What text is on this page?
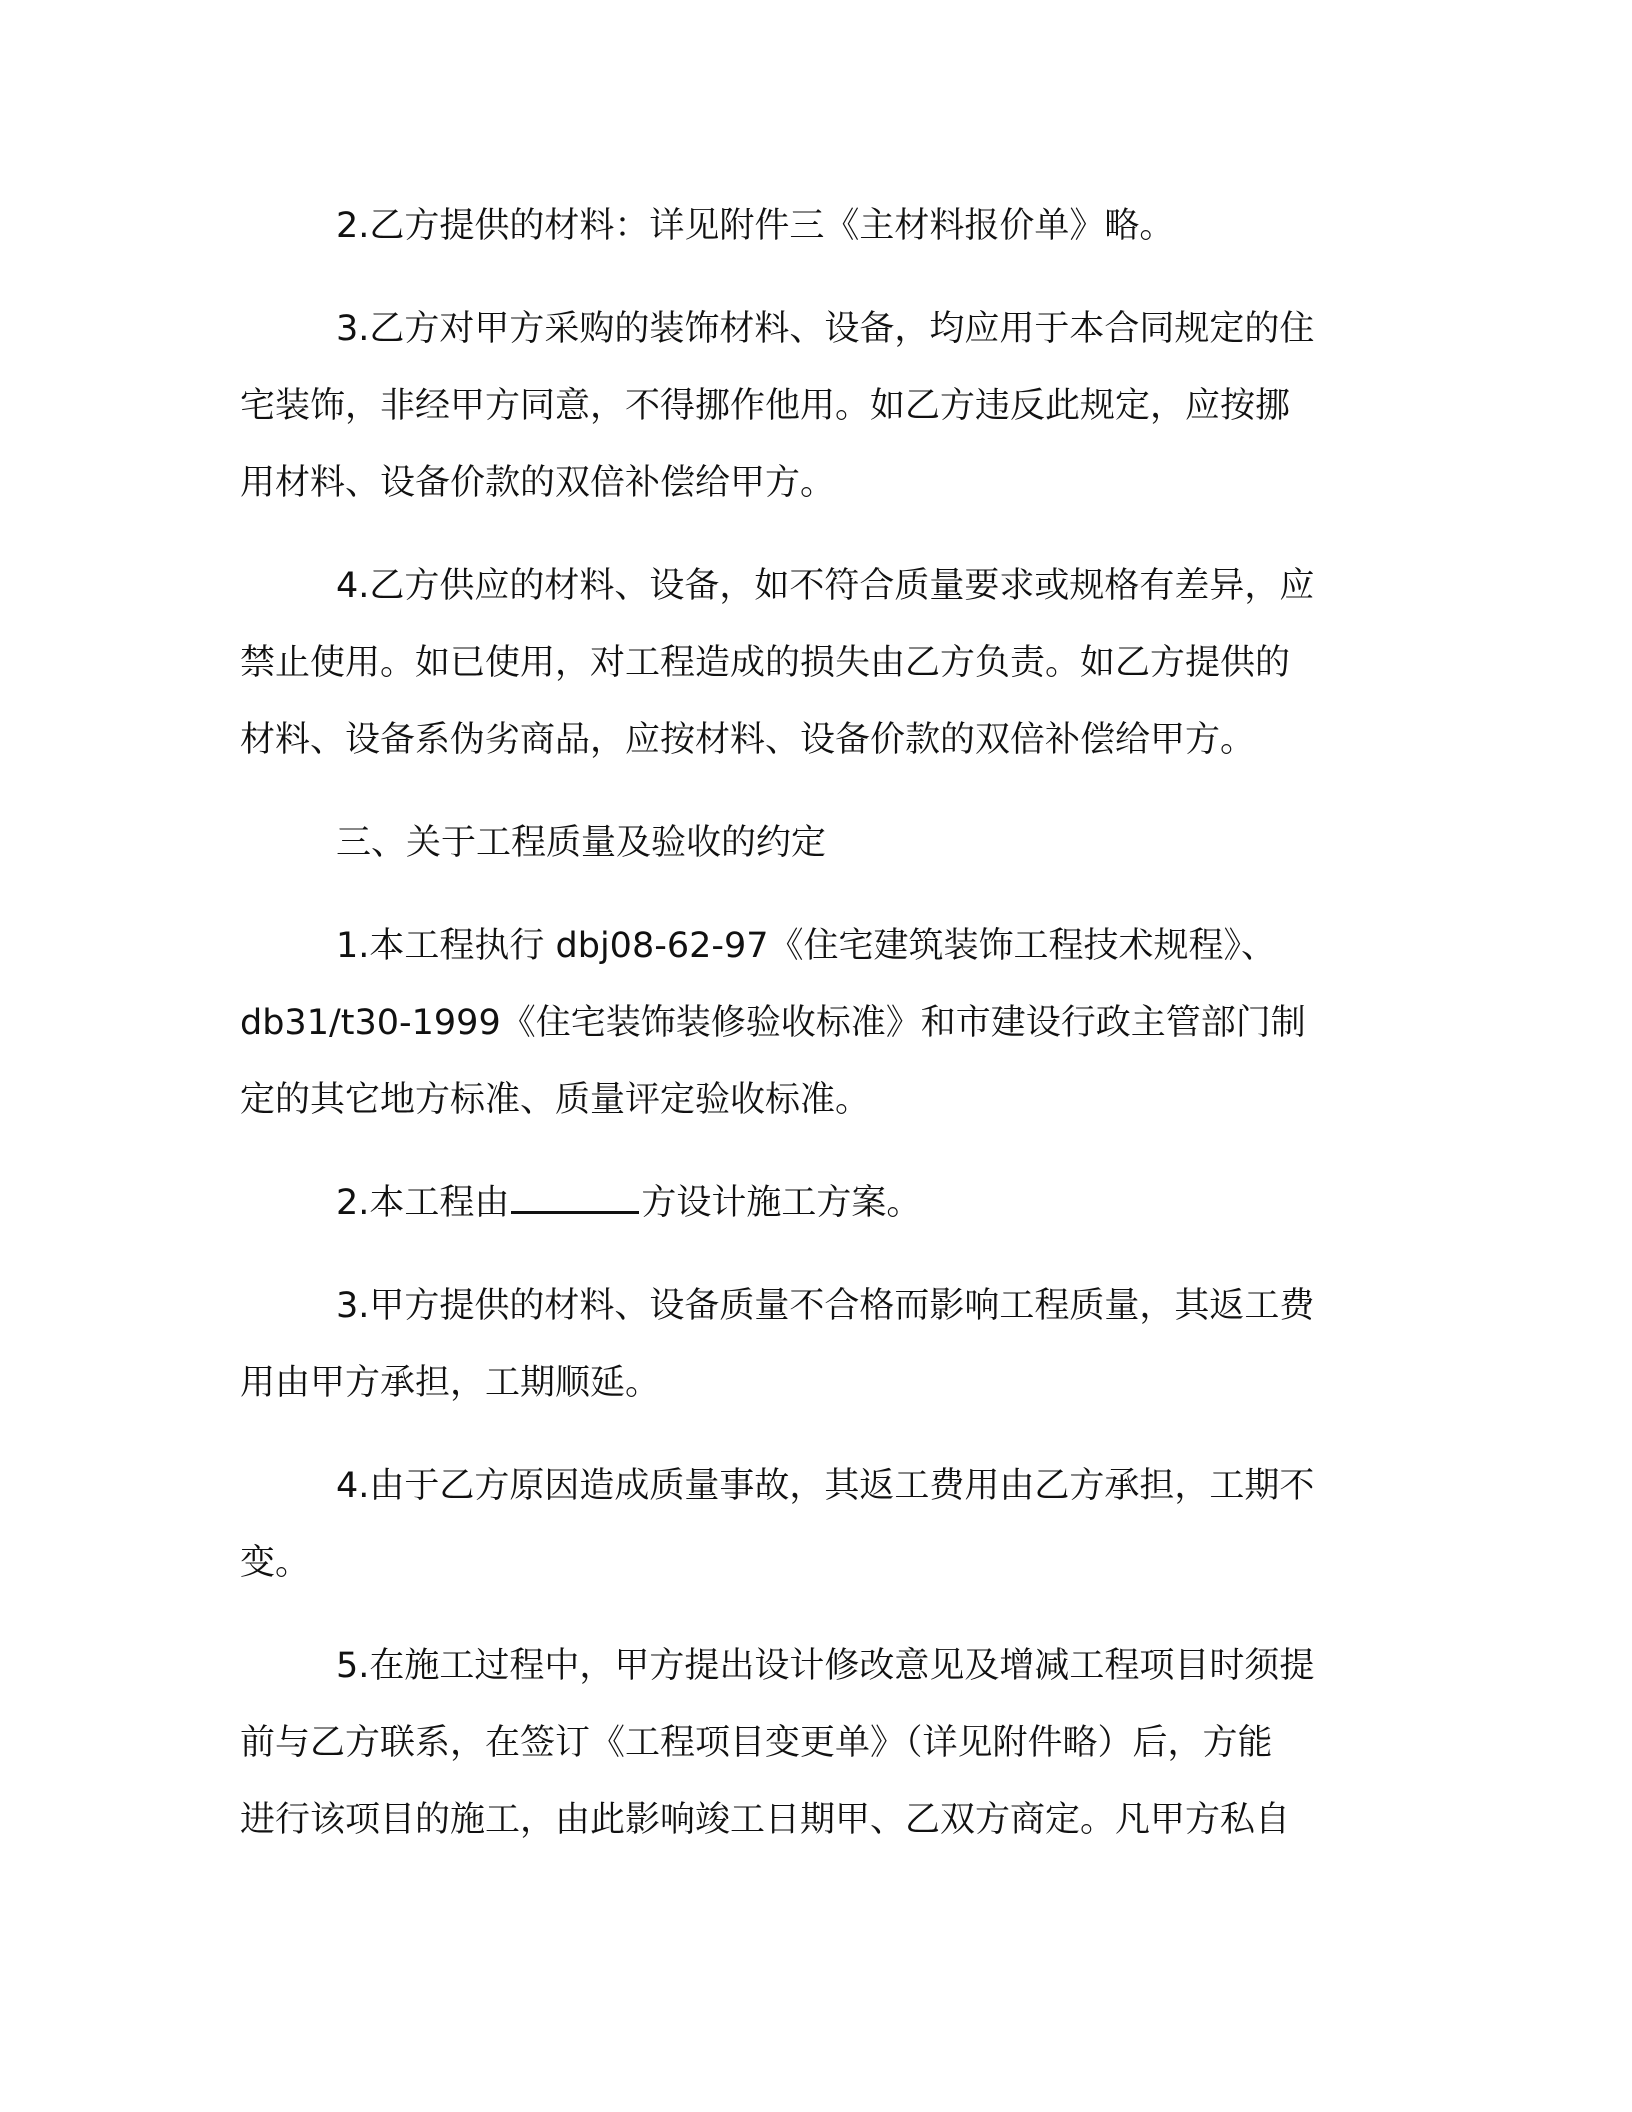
2.乙方提供的材料：详见附件三《主材料报价单》略。

3.乙方对甲方采购的装饰材料、设备，均应用于本合同规定的住
宅装饰，非经甲方同意，不得挪作他用。如乙方违反此规定，应按挪
用材料、设备价款的双倍补偿给甲方。

4.乙方供应的材料、设备，如不符合质量要求或规格有差异，应
禁止使用。如已使用，对工程造成的损失由乙方负责。如乙方提供的
材料、设备系伪劣商品，应按材料、设备价款的双倍补偿给甲方。

三、关于工程质量及验收的约定

1.本工程执行 dbj08-62-97《住宅建筑装饰工程技术规程》、
db31/t30-1999《住宅装饰装修验收标准》和市建设行政主管部门制
定的其它地方标准、质量评定验收标准。

2.本工程由	方设计施工方案。

3.甲方提供的材料、设备质量不合格而影响工程质量，其返工费
用由甲方承担，工期顺延。

4.由于乙方原因造成质量事故，其返工费用由乙方承担，工期不
变。

5.在施工过程中，甲方提出设计修改意见及增减工程项目时须提
前与乙方联系，在签订《工程项目变更单》（详见附件略）后，方能
进行该项目的施工，由此影响竣工日期甲、乙双方商定。凡甲方私自
